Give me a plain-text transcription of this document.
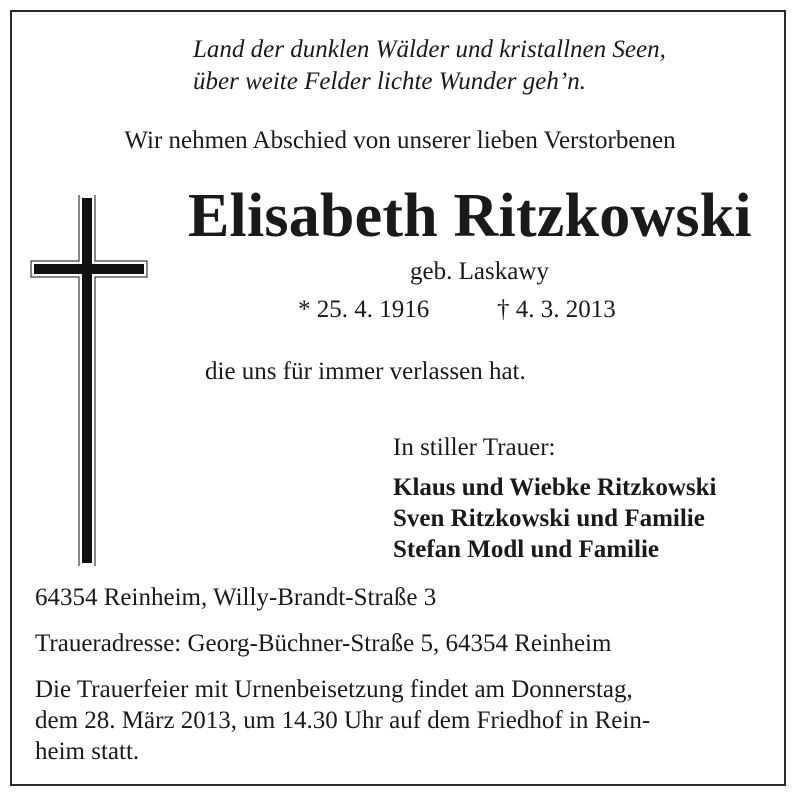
Land der dunklen Wälder und kristallnen Seen,
über weite Felder lichte Wunder geh’n.
Wir nehmen Abschied von unserer lieben Verstorbenen
Elisabeth Ritzkowski
geb. Laskawy
* 25. 4. 1916	† 4. 3. 2013
die uns für immer verlassen hat.
In stiller Trauer:
Klaus und Wiebke Ritzkowski
Sven Ritzkowski und Familie
Stefan Modl und Familie
64354 Reinheim, Willy-Brandt-Straße 3
Traueradresse: Georg-Büchner-Straße 5, 64354 Reinheim
Die Trauerfeier mit Urnenbeisetzung findet am Donnerstag,
dem 28. März 2013, um 14.30 Uhr auf dem Friedhof in Rein-
heim statt.
